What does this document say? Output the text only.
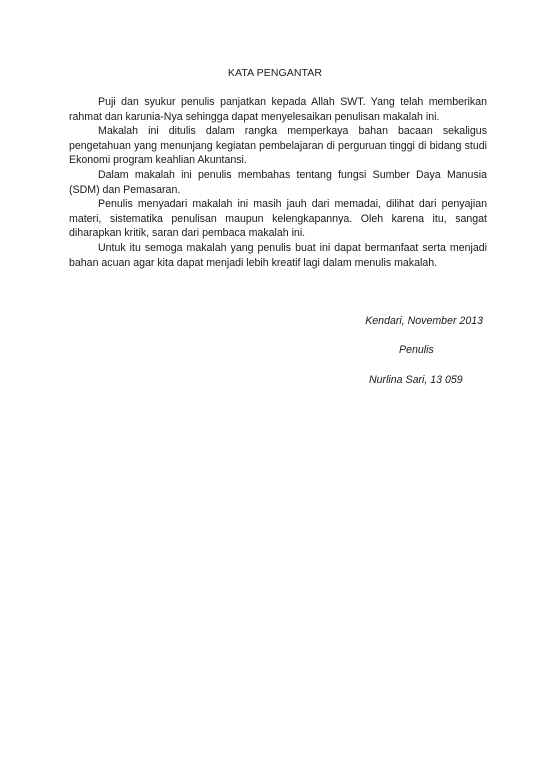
KATA PENGANTAR

Puji dan syukur penulis panjatkan kepada Allah SWT. Yang telah memberikan rahmat dan karunia-Nya sehingga dapat menyelesaikan penulisan makalah ini.

Makalah ini ditulis dalam rangka memperkaya bahan bacaan sekaligus pengetahuan yang menunjang kegiatan pembelajaran di perguruan tinggi di bidang studi Ekonomi program keahlian Akuntansi.

Dalam makalah ini penulis membahas tentang fungsi Sumber Daya Manusia (SDM) dan Pemasaran.

Penulis menyadari makalah ini masih jauh dari memadai, dilihat dari penyajian materi, sistematika penulisan maupun kelengkapannya. Oleh karena itu, sangat diharapkan kritik, saran dari pembaca makalah ini.

Untuk itu semoga makalah yang penulis buat ini dapat bermanfaat serta menjadi bahan acuan agar kita dapat menjadi lebih kreatif lagi dalam menulis makalah.

Kendari, November 2013
Penulis
Nurlina Sari, 13 059
